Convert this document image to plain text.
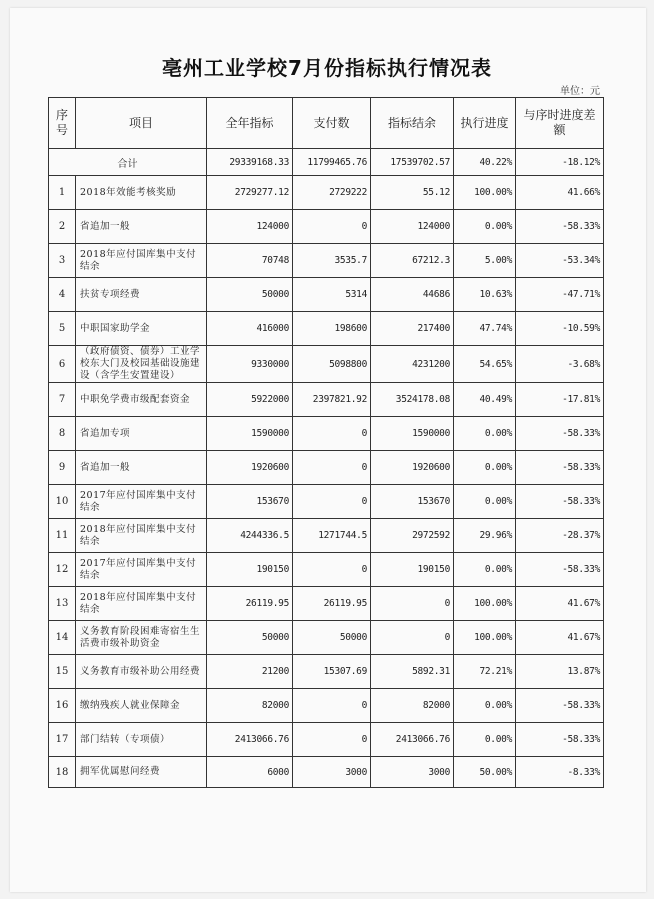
亳州工业学校7月份指标执行情况表
单位：元
序号	项目	全年指标	支付数	指标结余	执行进度	与序时进度差额
合计		29339168.33	11799465.76	17539702.57	40.22%	-18.12%
1	2018年效能考核奖励	2729277.12	2729222	55.12	100.00%	41.66%
2	省追加一般	124000	0	124000	0.00%	-58.33%
3	2018年应付国库集中支付结余	70748	3535.7	67212.3	5.00%	-53.34%
4	扶贫专项经费	50000	5314	44686	10.63%	-47.71%
5	中职国家助学金	416000	198600	217400	47.74%	-10.59%
6	（政府债资、债券）工业学校东大门及校园基础设施建设（含学生安置建设）	9330000	5098800	4231200	54.65%	-3.68%
7	中职免学费市级配套资金	5922000	2397821.92	3524178.08	40.49%	-17.81%
8	省追加专项	1590000	0	1590000	0.00%	-58.33%
9	省追加一般	1920600	0	1920600	0.00%	-58.33%
10	2017年应付国库集中支付结余	153670	0	153670	0.00%	-58.33%
11	2018年应付国库集中支付结余	4244336.5	1271744.5	2972592	29.96%	-28.37%
12	2017年应付国库集中支付结余	190150	0	190150	0.00%	-58.33%
13	2018年应付国库集中支付结余	26119.95	26119.95	0	100.00%	41.67%
14	义务教育阶段困难寄宿生生活费市级补助资金	50000	50000	0	100.00%	41.67%
15	义务教育市级补助公用经费	21200	15307.69	5892.31	72.21%	13.87%
16	缴纳残疾人就业保障金	82000	0	82000	0.00%	-58.33%
17	部门结转（专项债）	2413066.76	0	2413066.76	0.00%	-58.33%
18	拥军优属慰问经费	6000	3000	3000	50.00%	-8.33%
